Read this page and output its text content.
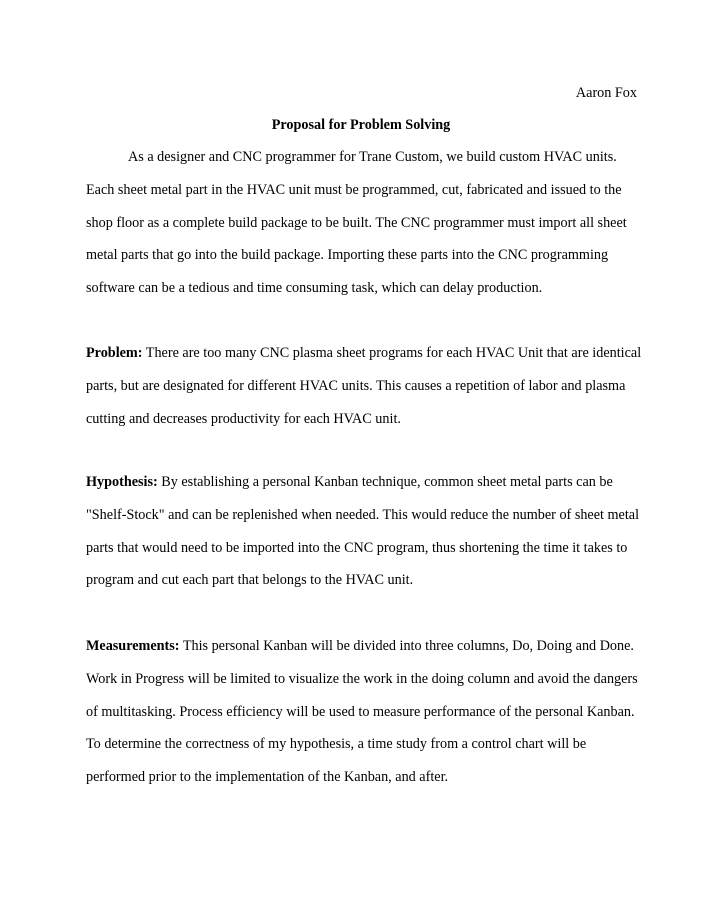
Aaron Fox
Proposal for Problem Solving

As a designer and CNC programmer for Trane Custom, we build custom HVAC units. Each sheet metal part in the HVAC unit must be programmed, cut, fabricated and issued to the shop floor as a complete build package to be built. The CNC programmer must import all sheet metal parts that go into the build package. Importing these parts into the CNC programming software can be a tedious and time consuming task, which can delay production.

Problem: There are too many CNC plasma sheet programs for each HVAC Unit that are identical parts, but are designated for different HVAC units. This causes a repetition of labor and plasma cutting and decreases productivity for each HVAC unit.

Hypothesis: By establishing a personal Kanban technique, common sheet metal parts can be "Shelf-Stock" and can be replenished when needed. This would reduce the number of sheet metal parts that would need to be imported into the CNC program, thus shortening the time it takes to program and cut each part that belongs to the HVAC unit.

Measurements: This personal Kanban will be divided into three columns, Do, Doing and Done. Work in Progress will be limited to visualize the work in the doing column and avoid the dangers of multitasking. Process efficiency will be used to measure performance of the personal Kanban. To determine the correctness of my hypothesis, a time study from a control chart will be performed prior to the implementation of the Kanban, and after.
